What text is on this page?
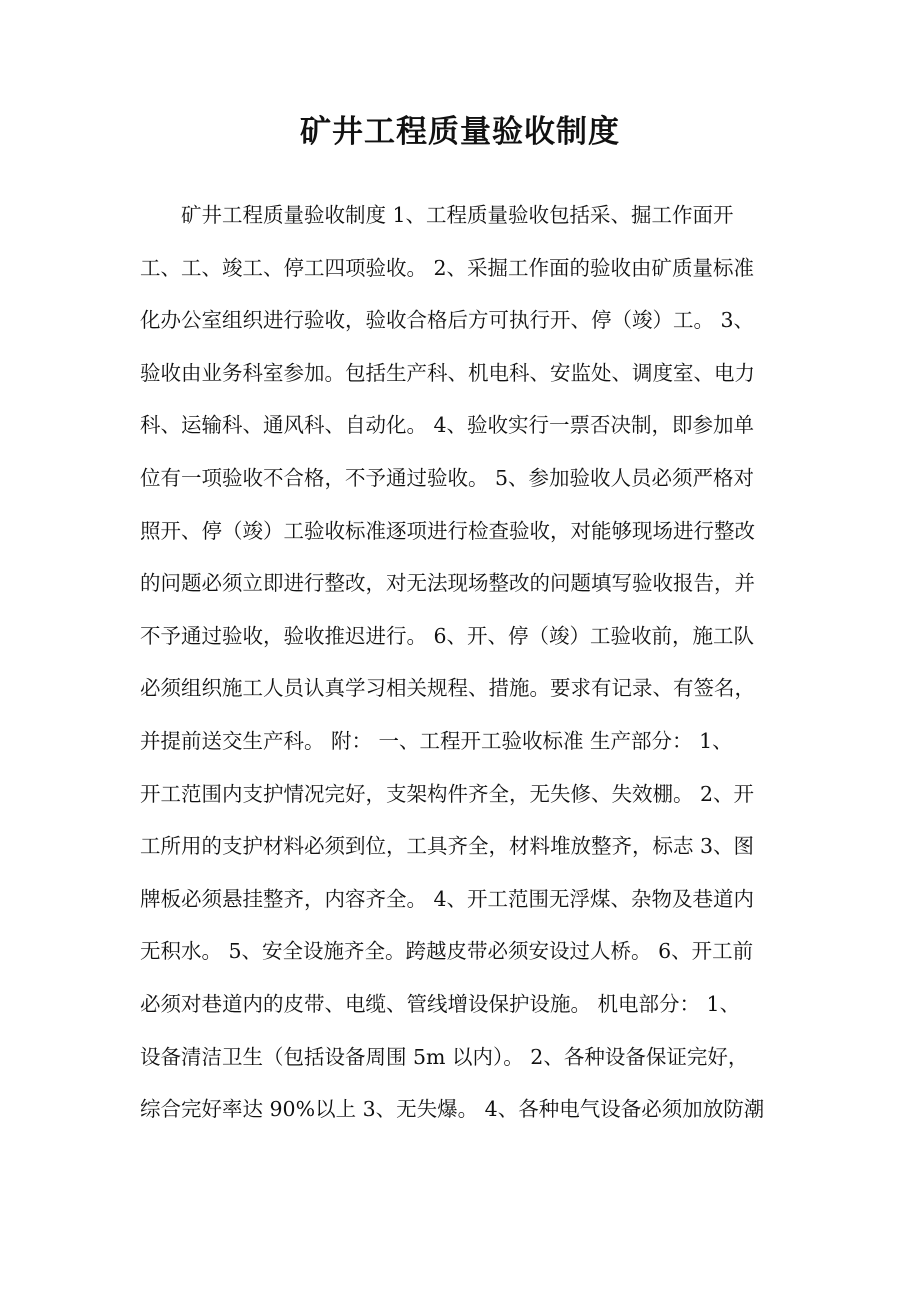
矿井工程质量验收制度
矿井工程质量验收制度 1、工程质量验收包括采、掘工作面开
工、工、竣工、停工四项验收。 2、采掘工作面的验收由矿质量标准
化办公室组织进行验收，验收合格后方可执行开、停（竣）工。 3、
验收由业务科室参加。包括生产科、机电科、安监处、调度室、电力
科、运输科、通风科、自动化。 4、验收实行一票否决制，即参加单
位有一项验收不合格，不予通过验收。 5、参加验收人员必须严格对
照开、停（竣）工验收标准逐项进行检查验收，对能够现场进行整改
的问题必须立即进行整改，对无法现场整改的问题填写验收报告，并
不予通过验收，验收推迟进行。 6、开、停（竣）工验收前，施工队
必须组织施工人员认真学习相关规程、措施。要求有记录、有签名，
并提前送交生产科。 附： 一、工程开工验收标准 生产部分： 1、
开工范围内支护情况完好，支架构件齐全，无失修、失效棚。 2、开
工所用的支护材料必须到位，工具齐全，材料堆放整齐，标志 3、图
牌板必须悬挂整齐，内容齐全。 4、开工范围无浮煤、杂物及巷道内
无积水。 5、安全设施齐全。跨越皮带必须安设过人桥。 6、开工前
必须对巷道内的皮带、电缆、管线增设保护设施。 机电部分： 1、
设备清洁卫生（包括设备周围 5m 以内）。 2、各种设备保证完好，
综合完好率达 90%以上 3、无失爆。 4、各种电气设备必须加放防潮
